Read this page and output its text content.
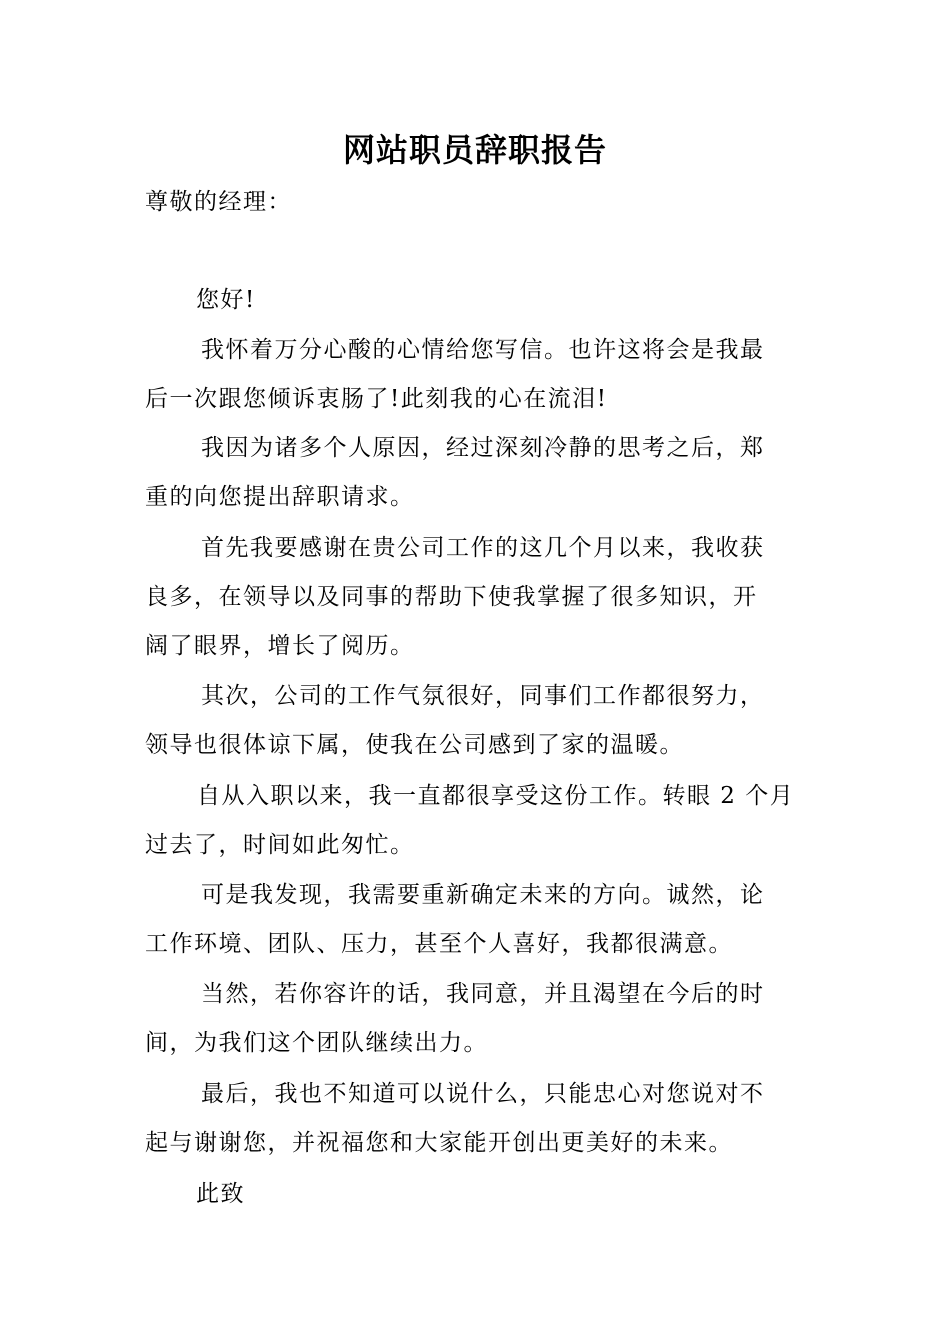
网站职员辞职报告

尊敬的经理：

您好!

我怀着万分心酸的心情给您写信。也许这将会是我最
后一次跟您倾诉衷肠了!此刻我的心在流泪!

我因为诸多个人原因，经过深刻冷静的思考之后，郑
重的向您提出辞职请求。

首先我要感谢在贵公司工作的这几个月以来，我收获
良多，在领导以及同事的帮助下使我掌握了很多知识，开
阔了眼界，增长了阅历。

其次，公司的工作气氛很好，同事们工作都很努力，
领导也很体谅下属，使我在公司感到了家的温暖。

自从入职以来，我一直都很享受这份工作。转眼 2 个月
过去了，时间如此匆忙。

可是我发现，我需要重新确定未来的方向。诚然，论
工作环境、团队、压力，甚至个人喜好，我都很满意。

当然，若你容许的话，我同意，并且渴望在今后的时
间，为我们这个团队继续出力。

最后，我也不知道可以说什么，只能忠心对您说对不
起与谢谢您，并祝福您和大家能开创出更美好的未来。

此致
